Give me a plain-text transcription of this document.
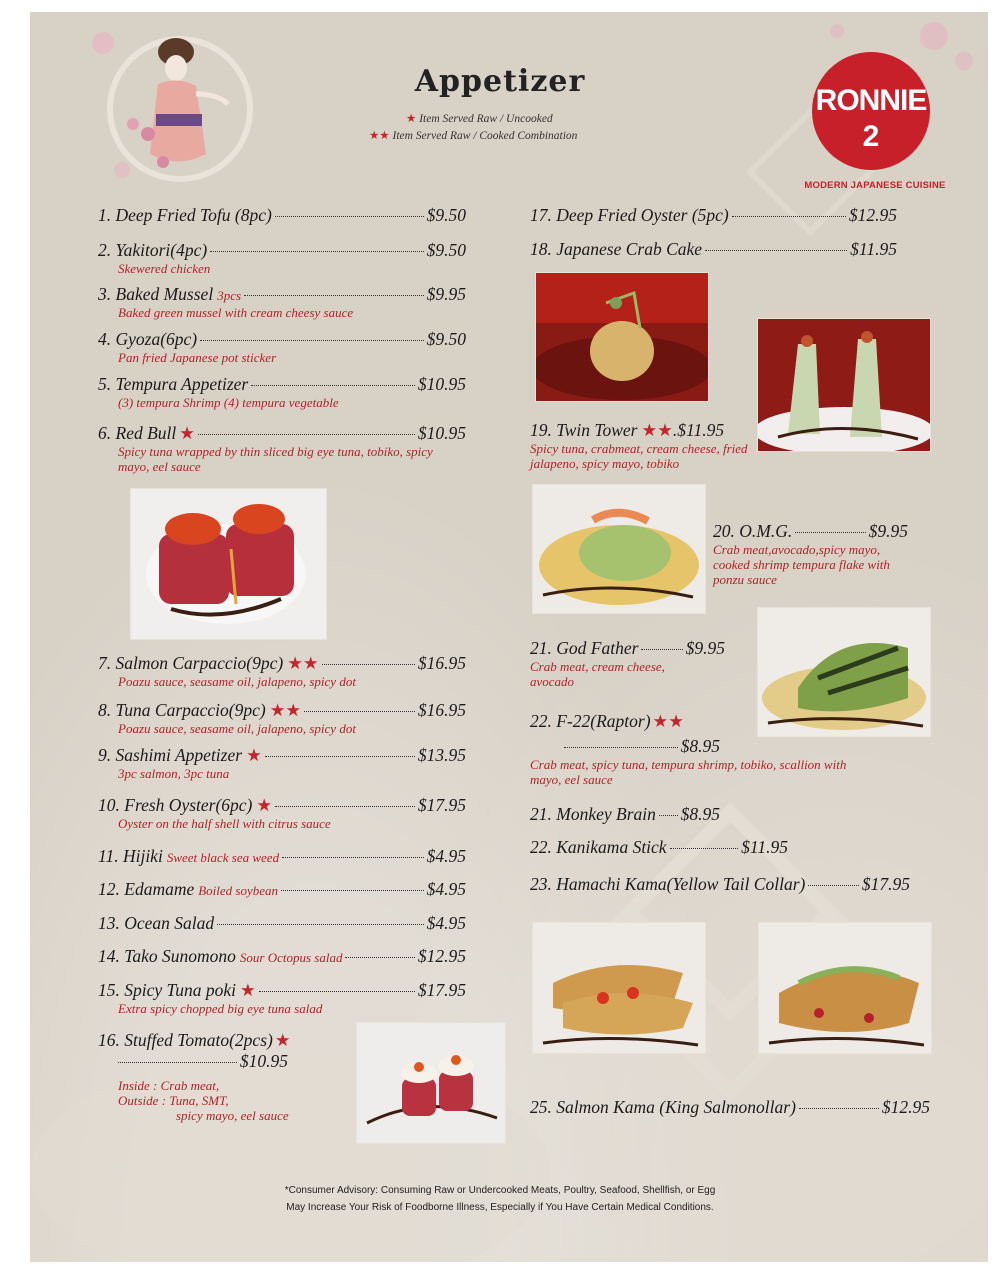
Appetizer
★ Item Served Raw / Uncooked
★★ Item Served Raw / Cooked Combination
RONNIE
2
MODERN JAPANESE CUISINE
1. Deep Fried Tofu (8pc)	$9.50
2. Yakitori(4pc)	$9.50
Skewered chicken
3. Baked Mussel 3pcs	$9.95
Baked green mussel with cream cheesy sauce
4. Gyoza(6pc)	$9.50
Pan fried Japanese pot sticker
5. Tempura Appetizer	$10.95
(3) tempura Shrimp (4) tempura vegetable
6. Red Bull ★	$10.95
Spicy tuna wrapped by thin sliced big eye tuna, tobiko, spicy mayo, eel sauce
7. Salmon Carpaccio(9pc) ★★	$16.95
Poazu sauce, seasame oil, jalapeno, spicy dot
8. Tuna Carpaccio(9pc) ★★	$16.95
Poazu sauce, seasame oil, jalapeno, spicy dot
9. Sashimi Appetizer ★	$13.95
3pc salmon, 3pc tuna
10. Fresh Oyster(6pc) ★	$17.95
Oyster on the half shell with citrus sauce
11. Hijiki Sweet black sea weed	$4.95
12. Edamame Boiled soybean	$4.95
13. Ocean Salad	$4.95
14. Tako Sunomono Sour Octopus salad	$12.95
15. Spicy Tuna poki ★	$17.95
Extra spicy chopped big eye tuna salad
16. Stuffed Tomato(2pcs) ★
$10.95
Inside : Crab meat,
Outside : Tuna, SMT,
spicy mayo, eel sauce
17. Deep Fried Oyster (5pc)	$12.95
18. Japanese Crab Cake	$11.95
19. Twin Tower ★★ .$11.95
Spicy tuna, crabmeat, cream cheese, fried jalapeno, spicy mayo, tobiko
20. O.M.G.	$9.95
Crab meat,avocado,spicy mayo, cooked shrimp tempura flake with ponzu sauce
21. God Father	$9.95
Crab meat, cream cheese, avocado
22. F-22(Raptor) ★★
$8.95
Crab meat, spicy tuna, tempura shrimp, tobiko, scallion with mayo, eel sauce
21. Monkey Brain $8.95
22. Kanikama Stick	$11.95
23. Hamachi Kama(Yellow Tail Collar)	$17.95
25. Salmon Kama (King Salmonollar)	$12.95
*Consumer Advisory: Consuming Raw or Undercooked Meats, Poultry, Seafood, Shellfish, or Egg
May Increase Your Risk of Foodborne Illness, Especially if You Have Certain Medical Conditions.
